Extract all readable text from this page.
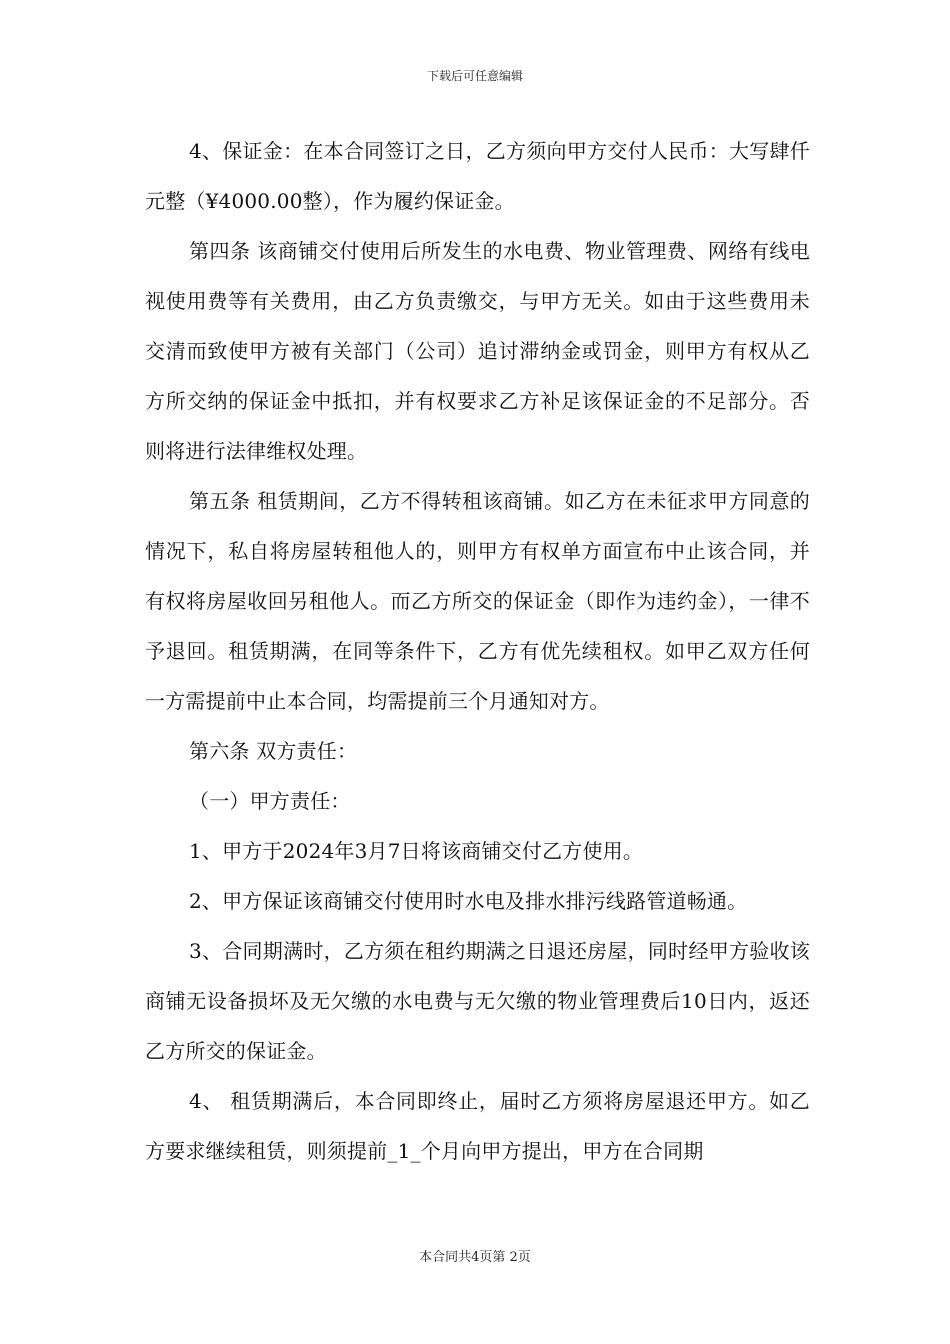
下载后可任意编辑

4、保证金：在本合同签订之日，乙方须向甲方交付人民币：大写肆仟元整（¥4000.00整），作为履约保证金。

第四条 该商铺交付使用后所发生的水电费、物业管理费、网络有线电视使用费等有关费用，由乙方负责缴交，与甲方无关。如由于这些费用未交清而致使甲方被有关部门（公司）追讨滞纳金或罚金，则甲方有权从乙方所交纳的保证金中抵扣，并有权要求乙方补足该保证金的不足部分。否则将进行法律维权处理。

第五条 租赁期间，乙方不得转租该商铺。如乙方在未征求甲方同意的情况下，私自将房屋转租他人的，则甲方有权单方面宣布中止该合同，并有权将房屋收回另租他人。而乙方所交的保证金（即作为违约金），一律不予退回。租赁期满，在同等条件下，乙方有优先续租权。如甲乙双方任何一方需提前中止本合同，均需提前三个月通知对方。

第六条 双方责任：

（一）甲方责任：

1、甲方于2024年3月7日将该商铺交付乙方使用。

2、甲方保证该商铺交付使用时水电及排水排污线路管道畅通。

3、合同期满时，乙方须在租约期满之日退还房屋，同时经甲方验收该商铺无设备损坏及无欠缴的水电费与无欠缴的物业管理费后10日内，返还乙方所交的保证金。

4、 租赁期满后，本合同即终止，届时乙方须将房屋退还甲方。如乙方要求继续租赁，则须提前_1_个月向甲方提出，甲方在合同期

本合同共4页第 2页
